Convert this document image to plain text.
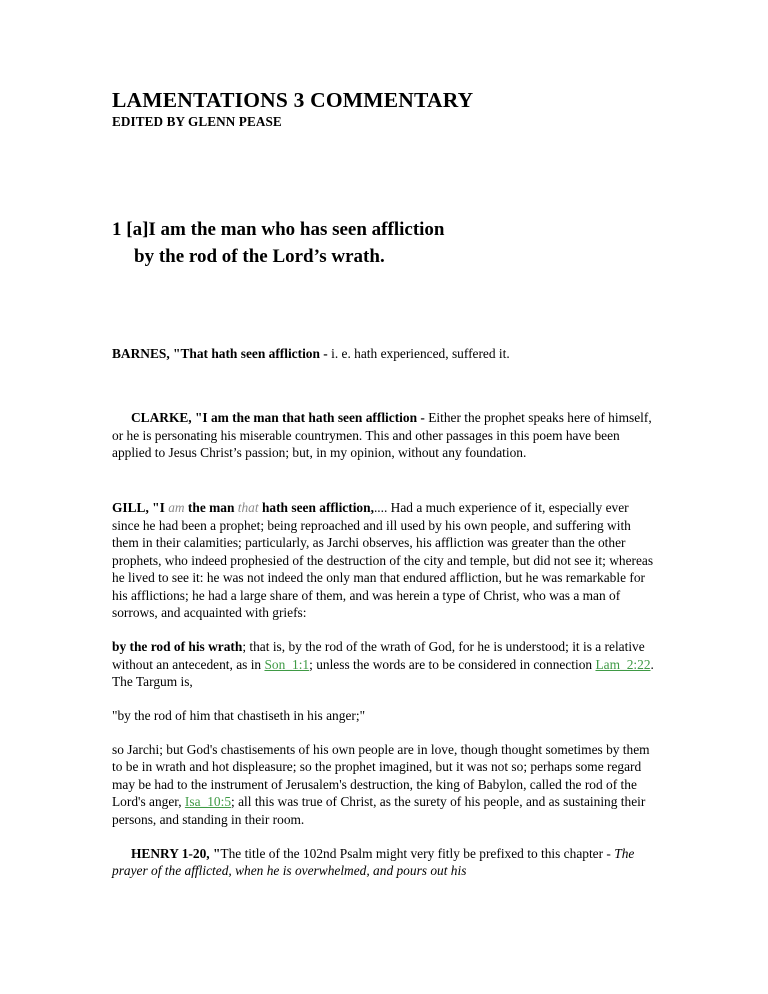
LAMENTATIONS 3 COMMENTARY
EDITED BY GLENN PEASE
1 [a]I am the man who has seen affliction
by the rod of the Lord’s wrath.

BARNES, "That hath seen affliction - i. e. hath experienced, suffered it.

CLARKE, "I am the man that hath seen affliction - Either the prophet speaks here of himself, or he is personating his miserable countrymen. This and other passages in this poem have been applied to Jesus Christ’s passion; but, in my opinion, without any foundation.

GILL, "I am the man that hath seen affliction,.... Had a much experience of it, especially ever since he had been a prophet; being reproached and ill used by his own people, and suffering with them in their calamities; particularly, as Jarchi observes, his affliction was greater than the other prophets, who indeed prophesied of the destruction of the city and temple, but did not see it; whereas he lived to see it: he was not indeed the only man that endured affliction, but he was remarkable for his afflictions; he had a large share of them, and was herein a type of Christ, who was a man of sorrows, and acquainted with griefs:

by the rod of his wrath; that is, by the rod of the wrath of God, for he is understood; it is a relative without an antecedent, as in Son_1:1; unless the words are to be considered in connection Lam_2:22. The Targum is,

"by the rod of him that chastiseth in his anger;"

so Jarchi; but God's chastisements of his own people are in love, though thought sometimes by them to be in wrath and hot displeasure; so the prophet imagined, but it was not so; perhaps some regard may be had to the instrument of Jerusalem's destruction, the king of Babylon, called the rod of the Lord's anger, Isa_10:5; all this was true of Christ, as the surety of his people, and as sustaining their persons, and standing in their room.

HENRY 1-20, "The title of the 102nd Psalm might very fitly be prefixed to this chapter - The prayer of the afflicted, when he is overwhelmed, and pours out his
